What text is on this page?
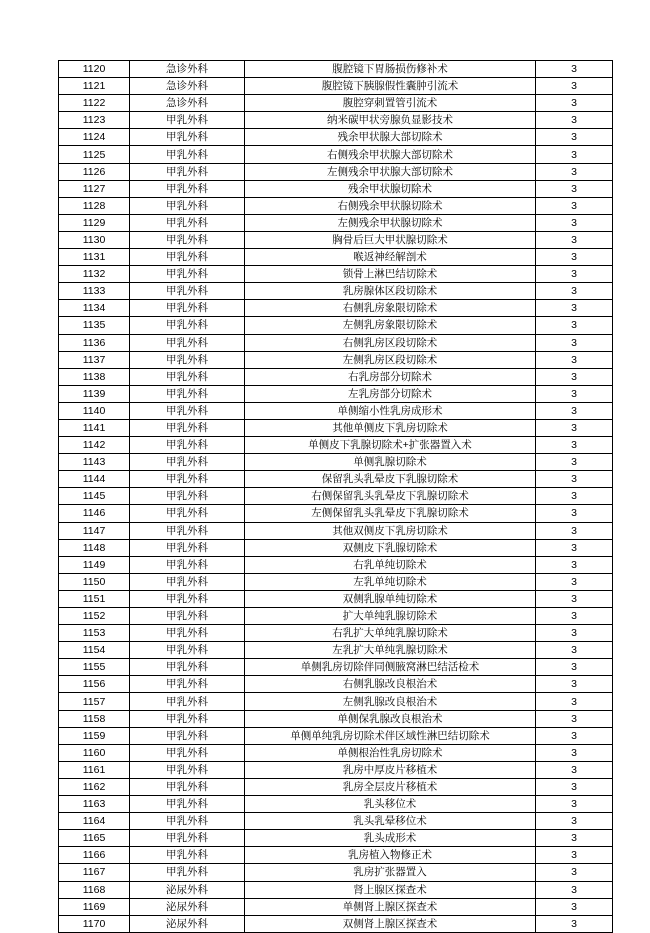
1120	急诊外科	腹腔镜下胃肠损伤修补术	3
1121	急诊外科	腹腔镜下胰腺假性囊肿引流术	3
1122	急诊外科	腹腔穿刺置管引流术	3
1123	甲乳外科	纳米碳甲状旁腺负显影技术	3
1124	甲乳外科	残余甲状腺大部切除术	3
1125	甲乳外科	右侧残余甲状腺大部切除术	3
1126	甲乳外科	左侧残余甲状腺大部切除术	3
1127	甲乳外科	残余甲状腺切除术	3
1128	甲乳外科	右侧残余甲状腺切除术	3
1129	甲乳外科	左侧残余甲状腺切除术	3
1130	甲乳外科	胸骨后巨大甲状腺切除术	3
1131	甲乳外科	喉返神经解剖术	3
1132	甲乳外科	锁骨上淋巴结切除术	3
1133	甲乳外科	乳房腺体区段切除术	3
1134	甲乳外科	右侧乳房象限切除术	3
1135	甲乳外科	左侧乳房象限切除术	3
1136	甲乳外科	右侧乳房区段切除术	3
1137	甲乳外科	左侧乳房区段切除术	3
1138	甲乳外科	右乳房部分切除术	3
1139	甲乳外科	左乳房部分切除术	3
1140	甲乳外科	单侧缩小性乳房成形术	3
1141	甲乳外科	其他单侧皮下乳房切除术	3
1142	甲乳外科	单侧皮下乳腺切除术+扩张器置入术	3
1143	甲乳外科	单侧乳腺切除术	3
1144	甲乳外科	保留乳头乳晕皮下乳腺切除术	3
1145	甲乳外科	右侧保留乳头乳晕皮下乳腺切除术	3
1146	甲乳外科	左侧保留乳头乳晕皮下乳腺切除术	3
1147	甲乳外科	其他双侧皮下乳房切除术	3
1148	甲乳外科	双侧皮下乳腺切除术	3
1149	甲乳外科	右乳单纯切除术	3
1150	甲乳外科	左乳单纯切除术	3
1151	甲乳外科	双侧乳腺单纯切除术	3
1152	甲乳外科	扩大单纯乳腺切除术	3
1153	甲乳外科	右乳扩大单纯乳腺切除术	3
1154	甲乳外科	左乳扩大单纯乳腺切除术	3
1155	甲乳外科	单侧乳房切除伴同侧腋窝淋巴结活检术	3
1156	甲乳外科	右侧乳腺改良根治术	3
1157	甲乳外科	左侧乳腺改良根治术	3
1158	甲乳外科	单侧保乳腺改良根治术	3
1159	甲乳外科	单侧单纯乳房切除术伴区域性淋巴结切除术	3
1160	甲乳外科	单侧根治性乳房切除术	3
1161	甲乳外科	乳房中厚皮片移植术	3
1162	甲乳外科	乳房全层皮片移植术	3
1163	甲乳外科	乳头移位术	3
1164	甲乳外科	乳头乳晕移位术	3
1165	甲乳外科	乳头成形术	3
1166	甲乳外科	乳房植入物修正术	3
1167	甲乳外科	乳房扩张器置入	3
1168	泌尿外科	肾上腺区探查术	3
1169	泌尿外科	单侧肾上腺区探查术	3
1170	泌尿外科	双侧肾上腺区探查术	3
